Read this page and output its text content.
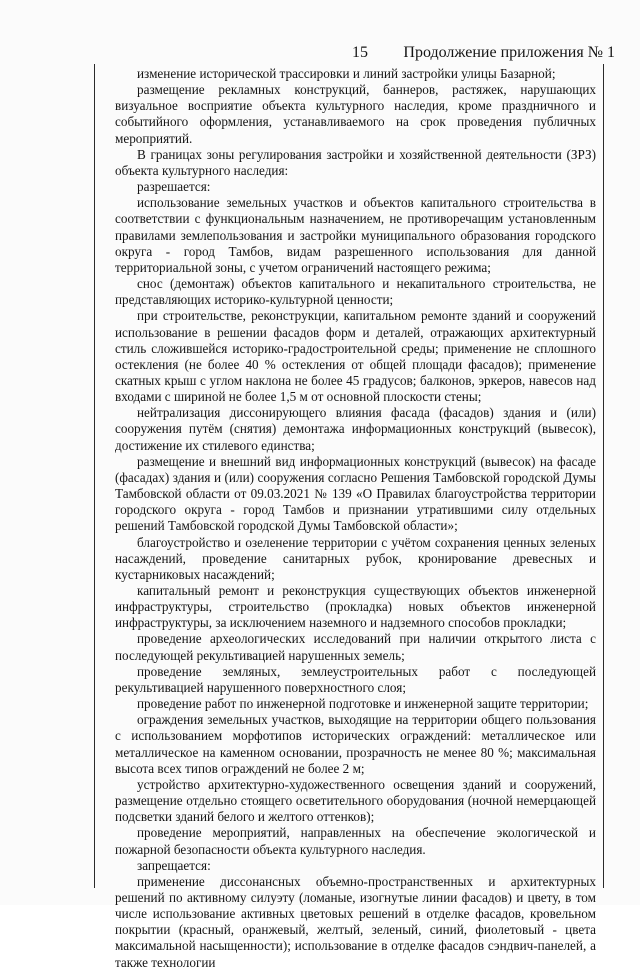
15 Продолжение приложения № 1

изменение исторической трассировки и линий застройки улицы Базарной;

размещение рекламных конструкций, баннеров, растяжек, нарушающих визуальное восприятие объекта культурного наследия, кроме праздничного и событийного оформления, устанавливаемого на срок проведения публичных мероприятий.

В границах зоны регулирования застройки и хозяйственной деятельности (ЗРЗ) объекта культурного наследия:

разрешается:

использование земельных участков и объектов капитального строительства в соответствии с функциональным назначением, не противоречащим установленным правилами землепользования и застройки муниципального образования городского округа - город Тамбов, видам разрешенного использования для данной территориальной зоны, с учетом ограничений настоящего режима;

снос (демонтаж) объектов капитального и некапитального строительства, не представляющих историко-культурной ценности;

при строительстве, реконструкции, капитальном ремонте зданий и сооружений использование в решении фасадов форм и деталей, отражающих архитектурный стиль сложившейся историко-градостроительной среды; применение не сплошного остекления (не более 40 % остекления от общей площади фасадов); применение скатных крыш с углом наклона не более 45 градусов; балконов, эркеров, навесов над входами с шириной не более 1,5 м от основной плоскости стены;

нейтрализация диссонирующего влияния фасада (фасадов) здания и (или) сооружения путём (снятия) демонтажа информационных конструкций (вывесок), достижение их стилевого единства;

размещение и внешний вид информационных конструкций (вывесок) на фасаде (фасадах) здания и (или) сооружения согласно Решения Тамбовской городской Думы Тамбовской области от 09.03.2021 № 139 «О Правилах благоустройства территории городского округа - город Тамбов и признании утратившими силу отдельных решений Тамбовской городской Думы Тамбовской области»;

благоустройство и озеленение территории с учётом сохранения ценных зеленых насаждений, проведение санитарных рубок, кронирование древесных и кустарниковых насаждений;

капитальный ремонт и реконструкция существующих объектов инженерной инфраструктуры, строительство (прокладка) новых объектов инженерной инфраструктуры, за исключением наземного и надземного способов прокладки;

проведение археологических исследований при наличии открытого листа с последующей рекультивацией нарушенных земель;

проведение земляных, землеустроительных работ с последующей рекультивацией нарушенного поверхностного слоя;

проведение работ по инженерной подготовке и инженерной защите территории;

ограждения земельных участков, выходящие на территории общего пользования с использованием морфотипов исторических ограждений: металлическое или металлическое на каменном основании, прозрачность не менее 80 %; максимальная высота всех типов ограждений не более 2 м;

устройство архитектурно-художественного освещения зданий и сооружений, размещение отдельно стоящего осветительного оборудования (ночной немерцающей подсветки зданий белого и желтого оттенков);

проведение мероприятий, направленных на обеспечение экологической и пожарной безопасности объекта культурного наследия.

запрещается:

применение диссонансных объемно-пространственных и архитектурных решений по активному силуэту (ломаные, изогнутые линии фасадов) и цвету, в том числе использование активных цветовых решений в отделке фасадов, кровельном покрытии (красный, оранжевый, желтый, зеленый, синий, фиолетовый - цвета максимальной насыщенности); использование в отделке фасадов сэндвич-панелей, а также технологии
